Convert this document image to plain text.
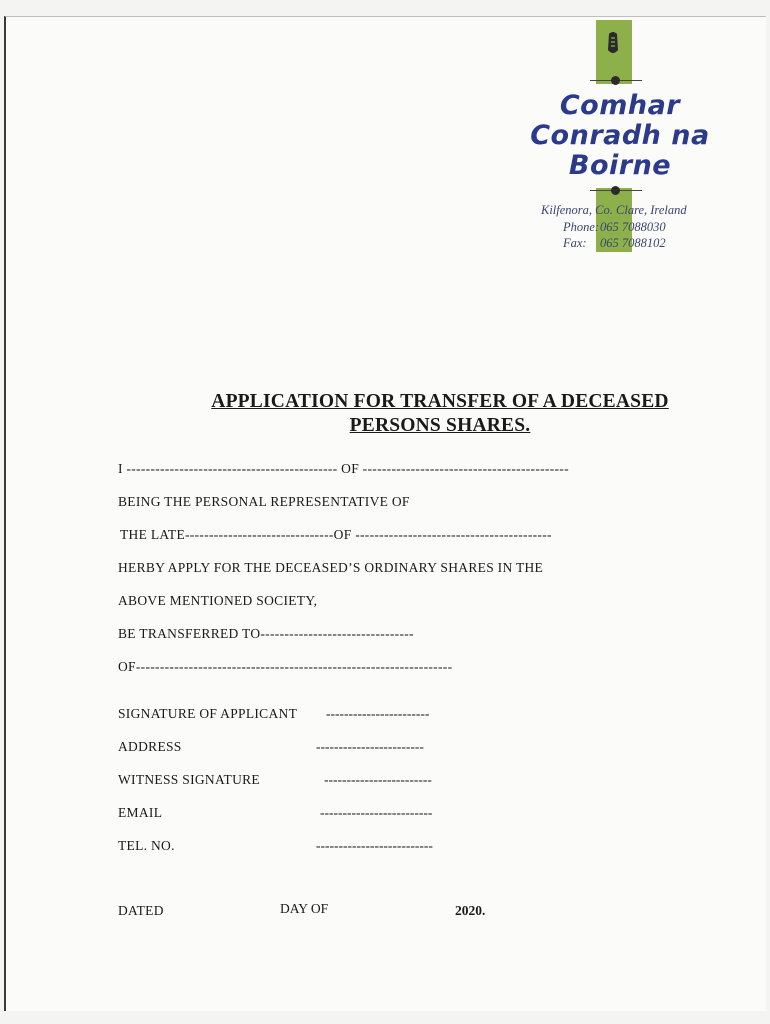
Comhar
Conradh na
Boirne
Kilfenora, Co. Clare, Ireland
Phone: 065 7088030
Fax: 065 7088102
APPLICATION FOR TRANSFER OF A DECEASED
PERSONS SHARES.
I -------------------------------------------- OF -------------------------------------------
BEING THE PERSONAL REPRESENTATIVE OF
THE LATE-------------------------------OF -----------------------------------------
HERBY APPLY FOR THE DECEASED’S ORDINARY SHARES IN THE
ABOVE MENTIONED SOCIETY,
BE TRANSFERRED TO--------------------------------
OF------------------------------------------------------------------
SIGNATURE OF APPLICANT -----------------------
ADDRESS	------------------------
WITNESS SIGNATURE	------------------------
EMAIL	-------------------------
TEL. NO.	--------------------------
DATED	DAY OF	2020.
